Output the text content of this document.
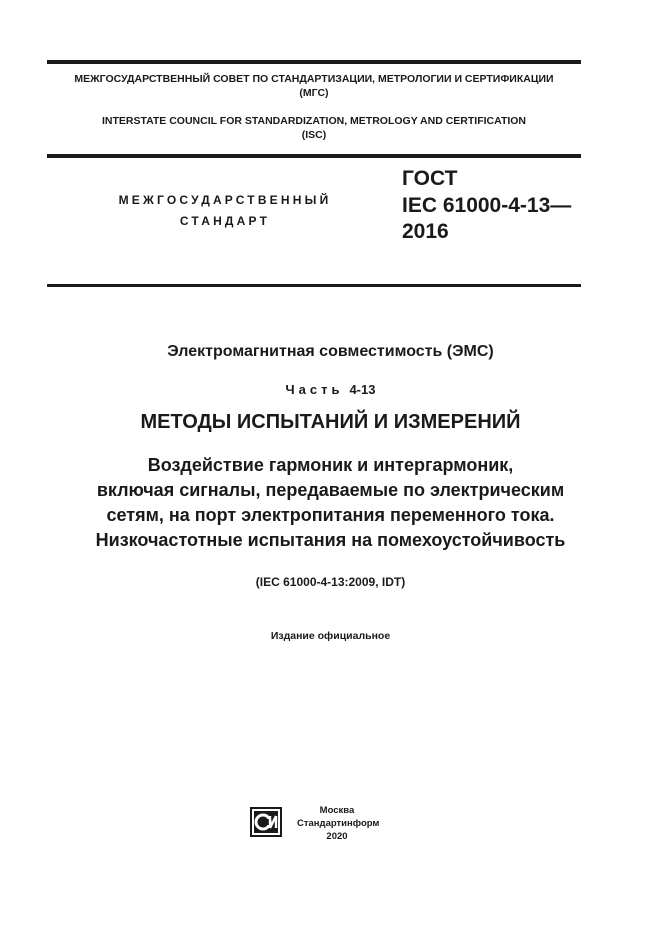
МЕЖГОСУДАРСТВЕННЫЙ СОВЕТ ПО СТАНДАРТИЗАЦИИ, МЕТРОЛОГИИ И СЕРТИФИКАЦИИ
(МГС)
INTERSTATE COUNCIL FOR STANDARDIZATION, METROLOGY AND CERTIFICATION
(ISC)
МЕЖГОСУДАРСТВЕННЫЙ
СТАНДАРТ
ГОСТ
IEC 61000-4-13—
2016
Электромагнитная совместимость (ЭМС)
Часть 4-13
МЕТОДЫ ИСПЫТАНИЙ И ИЗМЕРЕНИЙ
Воздействие гармоник и интергармоник,
включая сигналы, передаваемые по электрическим
сетям, на порт электропитания переменного тока.
Низкочастотные испытания на помехоустойчивость
(IEC 61000-4-13:2009, IDT)
Издание официальное
Москва
Стандартинформ
2020
